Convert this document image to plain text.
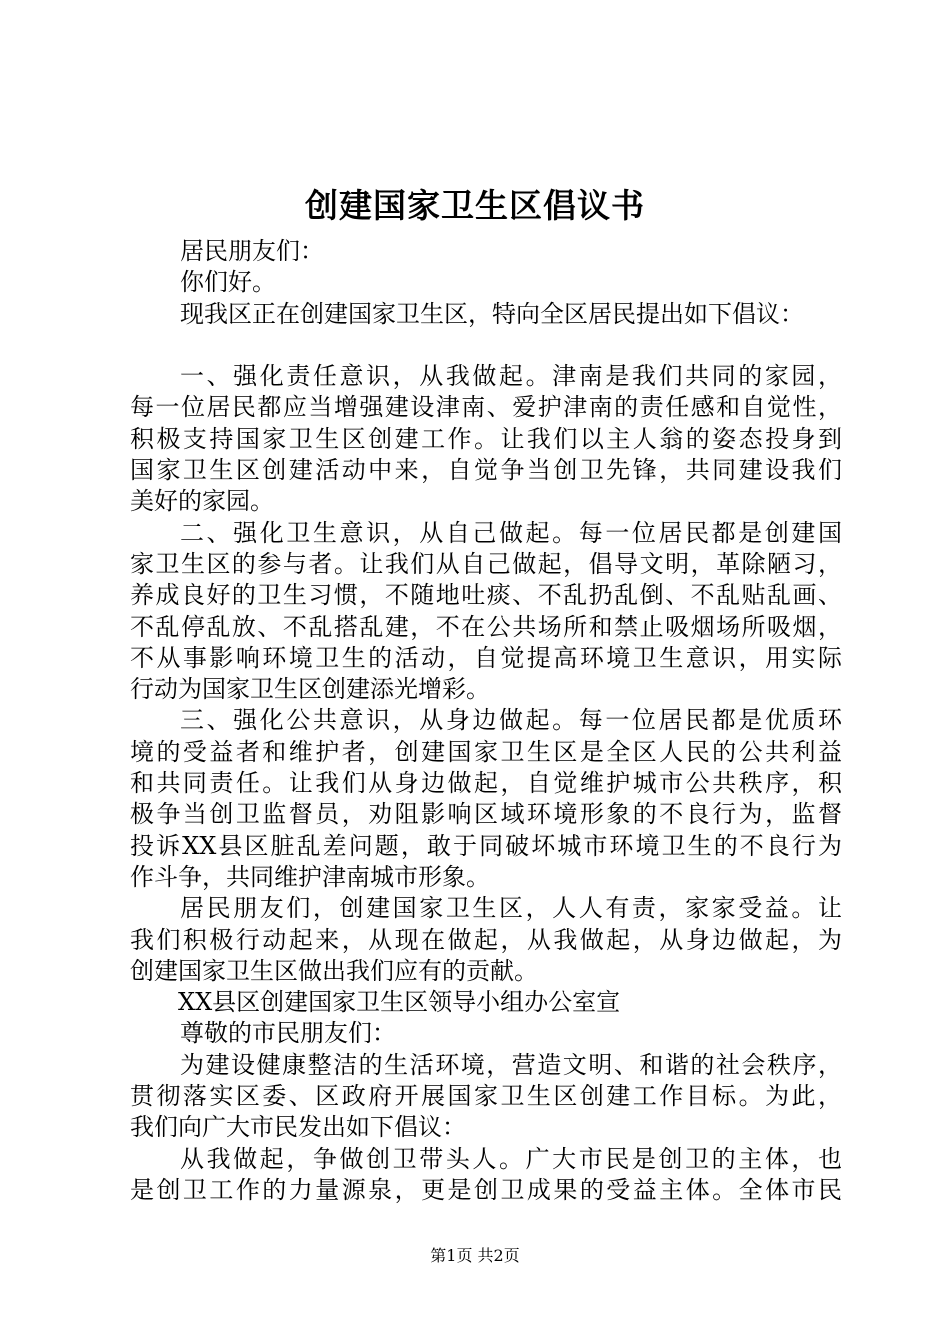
创建国家卫生区倡议书
居民朋友们：
你们好。
现我区正在创建国家卫生区，特向全区居民提出如下倡议：
一、强化责任意识，从我做起。津南是我们共同的家园，
每一位居民都应当增强建设津南、爱护津南的责任感和自觉性，
积极支持国家卫生区创建工作。让我们以主人翁的姿态投身到
国家卫生区创建活动中来，自觉争当创卫先锋，共同建设我们
美好的家园。
二、强化卫生意识，从自己做起。每一位居民都是创建国
家卫生区的参与者。让我们从自己做起，倡导文明，革除陋习，
养成良好的卫生习惯，不随地吐痰、不乱扔乱倒、不乱贴乱画、
不乱停乱放、不乱搭乱建，不在公共场所和禁止吸烟场所吸烟，
不从事影响环境卫生的活动，自觉提高环境卫生意识，用实际
行动为国家卫生区创建添光增彩。
三、强化公共意识，从身边做起。每一位居民都是优质环
境的受益者和维护者，创建国家卫生区是全区人民的公共利益
和共同责任。让我们从身边做起，自觉维护城市公共秩序，积
极争当创卫监督员，劝阻影响区域环境形象的不良行为，监督
投诉XX县区脏乱差问题，敢于同破坏城市环境卫生的不良行为
作斗争，共同维护津南城市形象。
居民朋友们，创建国家卫生区，人人有责，家家受益。让
我们积极行动起来，从现在做起，从我做起，从身边做起，为
创建国家卫生区做出我们应有的贡献。
XX县区创建国家卫生区领导小组办公室宣
尊敬的市民朋友们：
为建设健康整洁的生活环境，营造文明、和谐的社会秩序，
贯彻落实区委、区政府开展国家卫生区创建工作目标。为此，
我们向广大市民发出如下倡议：
从我做起，争做创卫带头人。广大市民是创卫的主体，也
是创卫工作的力量源泉，更是创卫成果的受益主体。全体市民
第1页 共2页
